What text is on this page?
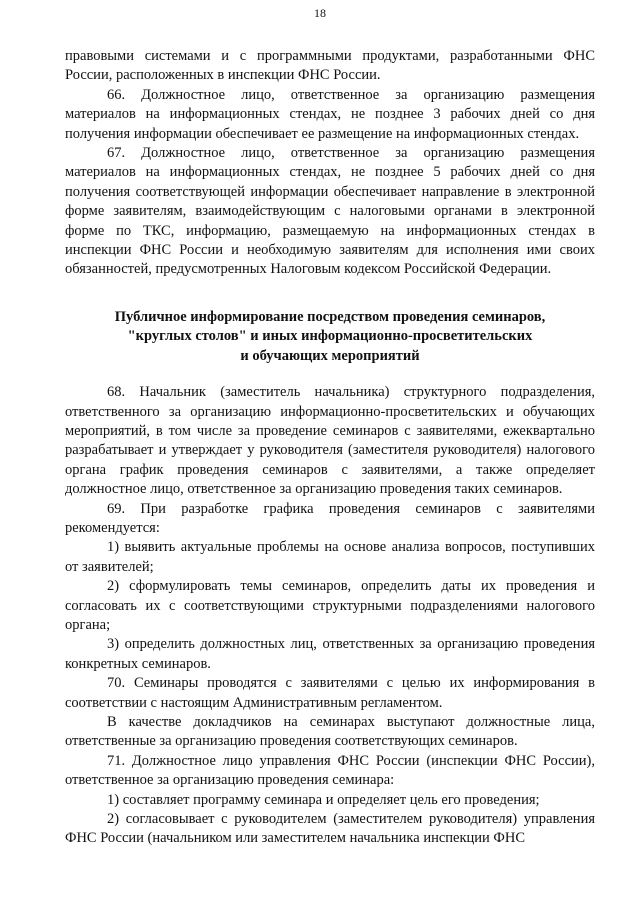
18

правовыми системами и с программными продуктами, разработанными ФНС России, расположенных в инспекции ФНС России.

66. Должностное лицо, ответственное за организацию размещения материалов на информационных стендах, не позднее 3 рабочих дней со дня получения информации обеспечивает ее размещение на информационных стендах.

67. Должностное лицо, ответственное за организацию размещения материалов на информационных стендах, не позднее 5 рабочих дней со дня получения соответствующей информации обеспечивает направление в электронной форме заявителям, взаимодействующим с налоговыми органами в электронной форме по ТКС, информацию, размещаемую на информационных стендах в инспекции ФНС России и необходимую заявителям для исполнения ими своих обязанностей, предусмотренных Налоговым кодексом Российской Федерации.

Публичное информирование посредством проведения семинаров,
"круглых столов" и иных информационно-просветительских
и обучающих мероприятий

68. Начальник (заместитель начальника) структурного подразделения, ответственного за организацию информационно-просветительских и обучающих мероприятий, в том числе за проведение семинаров с заявителями, ежеквартально разрабатывает и утверждает у руководителя (заместителя руководителя) налогового органа график проведения семинаров с заявителями, а также определяет должностное лицо, ответственное за организацию проведения таких семинаров.

69. При разработке графика проведения семинаров с заявителями рекомендуется:

1) выявить актуальные проблемы на основе анализа вопросов, поступивших от заявителей;

2) сформулировать темы семинаров, определить даты их проведения и согласовать их с соответствующими структурными подразделениями налогового органа;

3) определить должностных лиц, ответственных за организацию проведения конкретных семинаров.

70. Семинары проводятся с заявителями с целью их информирования в соответствии с настоящим Административным регламентом.

В качестве докладчиков на семинарах выступают должностные лица, ответственные за организацию проведения соответствующих семинаров.

71. Должностное лицо управления ФНС России (инспекции ФНС России), ответственное за организацию проведения семинара:

1) составляет программу семинара и определяет цель его проведения;

2) согласовывает с руководителем (заместителем руководителя) управления ФНС России (начальником или заместителем начальника инспекции ФНС
